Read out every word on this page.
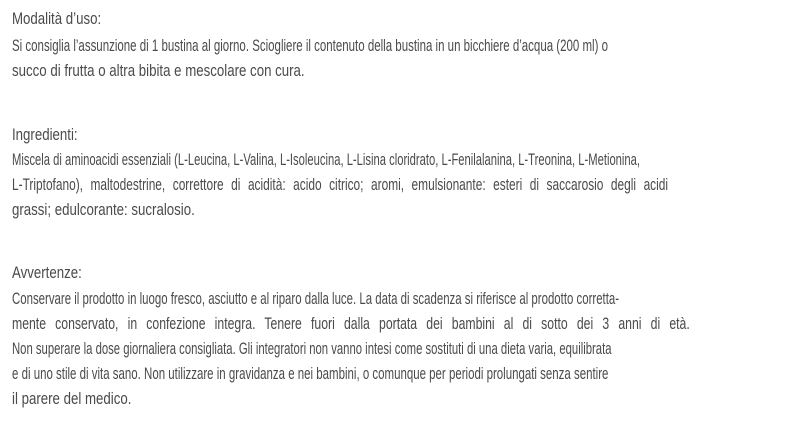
Modalità d’uso:
Si consiglia l’assunzione di 1 bustina al giorno. Sciogliere il contenuto della bustina in un bicchiere d’acqua (200 ml) o
succo di frutta o altra bibita e mescolare con cura.
Ingredienti:
Miscela di aminoacidi essenziali (L-Leucina, L-Valina, L-Isoleucina, L-Lisina cloridrato, L-Fenilalanina, L-Treonina, L-Metionina,
L-Triptofano), maltodestrine, correttore di acidità: acido citrico; aromi, emulsionante: esteri di saccarosio degli acidi
grassi; edulcorante: sucralosio.
Avvertenze:
Conservare il prodotto in luogo fresco, asciutto e al riparo dalla luce. La data di scadenza si riferisce al prodotto corretta-
mente conservato, in confezione integra. Tenere fuori dalla portata dei bambini al di sotto dei 3 anni di età.
Non superare la dose giornaliera consigliata. Gli integratori non vanno intesi come sostituti di una dieta varia, equilibrata
e di uno stile di vita sano. Non utilizzare in gravidanza e nei bambini, o comunque per periodi prolungati senza sentire
il parere del medico.
